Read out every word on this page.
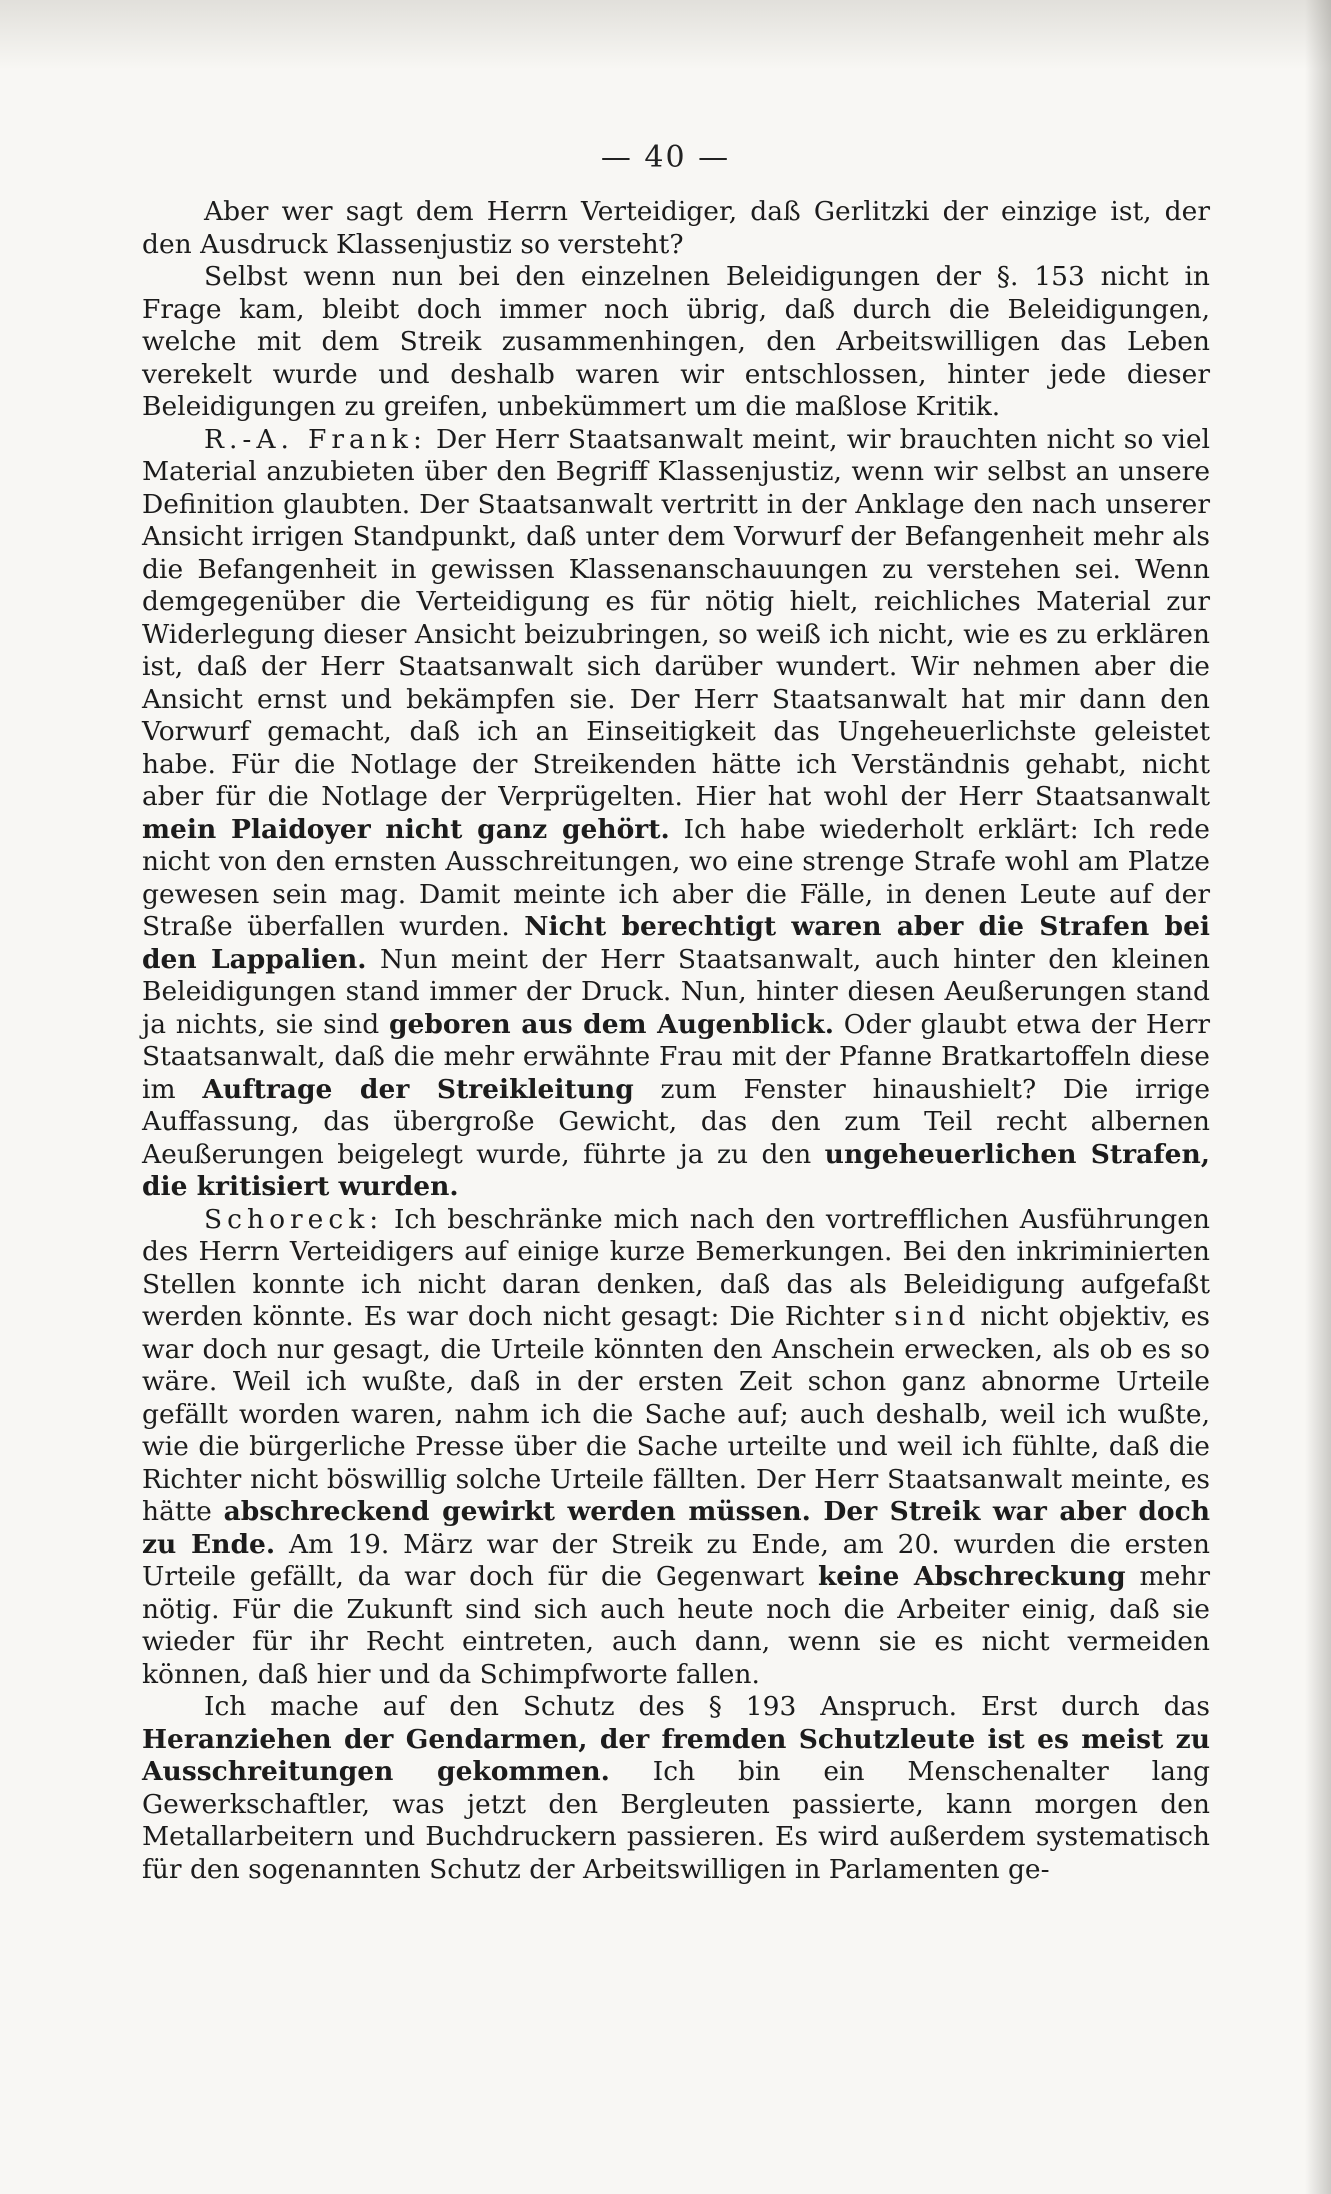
— 40 —

Aber wer sagt dem Herrn Verteidiger, daß Gerlitzki der einzige ist, der den Ausdruck Klassenjustiz so versteht?

Selbst wenn nun bei den einzelnen Beleidigungen der §. 153 nicht in Frage kam, bleibt doch immer noch übrig, daß durch die Beleidigungen, welche mit dem Streik zusammenhingen, den Arbeitswilligen das Leben verekelt wurde und deshalb waren wir entschlossen, hinter jede dieser Beleidigungen zu greifen, unbekümmert um die maßlose Kritik.

R.-A. Frank: Der Herr Staatsanwalt meint, wir brauchten nicht so viel Material anzubieten über den Begriff Klassenjustiz, wenn wir selbst an unsere Definition glaubten. Der Staatsanwalt vertritt in der Anklage den nach unserer Ansicht irrigen Standpunkt, daß unter dem Vorwurf der Befangenheit mehr als die Befangenheit in gewissen Klassenanschauungen zu verstehen sei. Wenn demgegenüber die Verteidigung es für nötig hielt, reichliches Material zur Widerlegung dieser Ansicht beizubringen, so weiß ich nicht, wie es zu erklären ist, daß der Herr Staatsanwalt sich darüber wundert. Wir nehmen aber die Ansicht ernst und bekämpfen sie. Der Herr Staatsanwalt hat mir dann den Vorwurf gemacht, daß ich an Einseitigkeit das Ungeheuerlichste geleistet habe. Für die Notlage der Streikenden hätte ich Verständnis gehabt, nicht aber für die Notlage der Verprügelten. Hier hat wohl der Herr Staatsanwalt mein Plaidoyer nicht ganz gehört. Ich habe wiederholt erklärt: Ich rede nicht von den ernsten Ausschreitungen, wo eine strenge Strafe wohl am Platze gewesen sein mag. Damit meinte ich aber die Fälle, in denen Leute auf der Straße überfallen wurden. Nicht berechtigt waren aber die Strafen bei den Lappalien. Nun meint der Herr Staatsanwalt, auch hinter den kleinen Beleidigungen stand immer der Druck. Nun, hinter diesen Aeußerungen stand ja nichts, sie sind geboren aus dem Augenblick. Oder glaubt etwa der Herr Staatsanwalt, daß die mehr erwähnte Frau mit der Pfanne Bratkartoffeln diese im Auftrage der Streikleitung zum Fenster hinaushielt? Die irrige Auffassung, das übergroße Gewicht, das den zum Teil recht albernen Aeußerungen beigelegt wurde, führte ja zu den ungeheuerlichen Strafen, die kritisiert wurden.

Schoreck: Ich beschränke mich nach den vortrefflichen Ausführungen des Herrn Verteidigers auf einige kurze Bemerkungen. Bei den inkriminierten Stellen konnte ich nicht daran denken, daß das als Beleidigung aufgefaßt werden könnte. Es war doch nicht gesagt: Die Richter sind nicht objektiv, es war doch nur gesagt, die Urteile könnten den Anschein erwecken, als ob es so wäre. Weil ich wußte, daß in der ersten Zeit schon ganz abnorme Urteile gefällt worden waren, nahm ich die Sache auf; auch deshalb, weil ich wußte, wie die bürgerliche Presse über die Sache urteilte und weil ich fühlte, daß die Richter nicht böswillig solche Urteile fällten. Der Herr Staatsanwalt meinte, es hätte abschreckend gewirkt werden müssen. Der Streik war aber doch zu Ende. Am 19. März war der Streik zu Ende, am 20. wurden die ersten Urteile gefällt, da war doch für die Gegenwart keine Abschreckung mehr nötig. Für die Zukunft sind sich auch heute noch die Arbeiter einig, daß sie wieder für ihr Recht eintreten, auch dann, wenn sie es nicht vermeiden können, daß hier und da Schimpfworte fallen.

Ich mache auf den Schutz des § 193 Anspruch. Erst durch das Heranziehen der Gendarmen, der fremden Schutzleute ist es meist zu Ausschreitungen gekommen. Ich bin ein Menschenalter lang Gewerkschaftler, was jetzt den Bergleuten passierte, kann morgen den Metallarbeitern und Buchdruckern passieren. Es wird außerdem systematisch für den sogenannten Schutz der Arbeitswilligen in Parlamenten ge-
